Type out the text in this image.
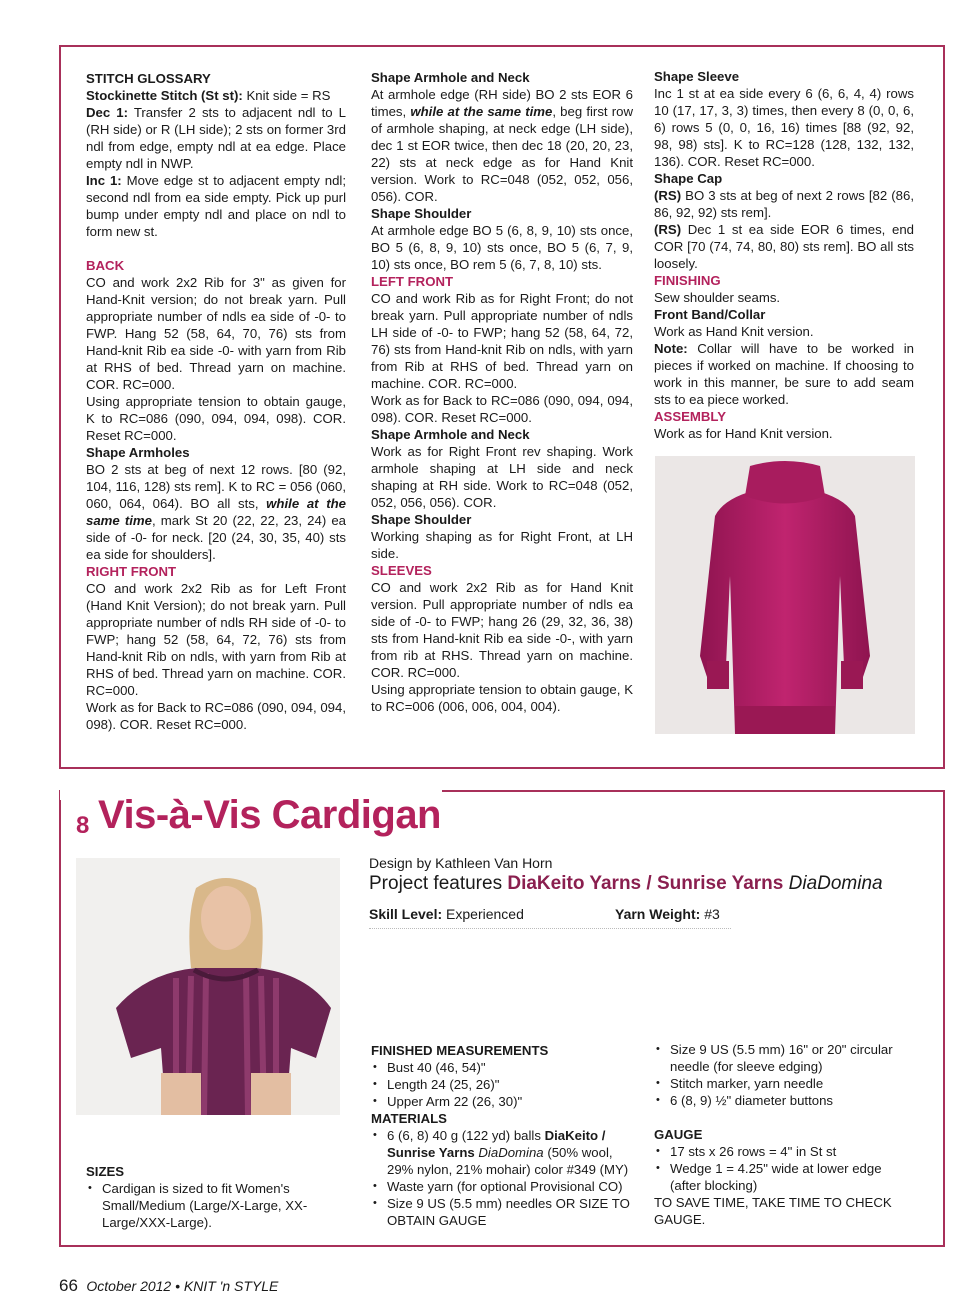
STITCH GLOSSARY

Stockinette Stitch (St st): Knit side = RS

Dec 1: Transfer 2 sts to adjacent ndl to L (RH side) or R (LH side); 2 sts on former 3rd ndl from edge, empty ndl at ea edge. Place empty ndl in NWP.

Inc 1: Move edge st to adjacent empty ndl; second ndl from ea side empty. Pick up purl bump under empty ndl and place on ndl to form new st.

BACK

CO and work 2x2 Rib for 3" as given for Hand-Knit version; do not break yarn. Pull appropriate number of ndls ea side of -0- to FWP. Hang 52 (58, 64, 70, 76) sts from Hand-knit Rib ea side -0- with yarn from Rib at RHS of bed. Thread yarn on machine. COR. RC=000.

Using appropriate tension to obtain gauge, K to RC=086 (090, 094, 094, 098). COR. Reset RC=000.

Shape Armholes

BO 2 sts at beg of next 12 rows. [80 (92, 104, 116, 128) sts rem]. K to RC = 056 (060, 060, 064, 064). BO all sts, while at the same time, mark St 20 (22, 22, 23, 24) ea side of -0- for neck. [20 (24, 30, 35, 40) sts ea side for shoulders].

RIGHT FRONT

CO and work 2x2 Rib as for Left Front (Hand Knit Version); do not break yarn. Pull appropriate number of ndls RH side of -0- to FWP; hang 52 (58, 64, 72, 76) sts from Hand-knit Rib on ndls, with yarn from Rib at RHS of bed. Thread yarn on machine. COR. RC=000.

Work as for Back to RC=086 (090, 094, 094, 098). COR. Reset RC=000.

Shape Armhole and Neck

At armhole edge (RH side) BO 2 sts EOR 6 times, while at the same time, beg first row of armhole shaping, at neck edge (LH side), dec 1 st EOR twice, then dec 18 (20, 20, 23, 22) sts at neck edge as for Hand Knit version. Work to RC=048 (052, 052, 056, 056). COR.

Shape Shoulder

At armhole edge BO 5 (6, 8, 9, 10) sts once, BO 5 (6, 8, 9, 10) sts once, BO 5 (6, 7, 9, 10) sts once, BO rem 5 (6, 7, 8, 10) sts.

LEFT FRONT

CO and work Rib as for Right Front; do not break yarn. Pull appropriate number of ndls LH side of -0- to FWP; hang 52 (58, 64, 72, 76) sts from Hand-knit Rib on ndls, with yarn from Rib at RHS of bed. Thread yarn on machine. COR. RC=000.

Work as for Back to RC=086 (090, 094, 094, 098). COR. Reset RC=000.

Shape Armhole and Neck

Work as for Right Front rev shaping. Work armhole shaping at LH side and neck shaping at RH side. Work to RC=048 (052, 052, 056, 056). COR.

Shape Shoulder

Working shaping as for Right Front, at LH side.

SLEEVES

CO and work 2x2 Rib as for Hand Knit version. Pull appropriate number of ndls ea side of -0- to FWP; hang 26 (29, 32, 36, 38) sts from Hand-knit Rib ea side -0-, with yarn from rib at RHS. Thread yarn on machine. COR. RC=000.

Using appropriate tension to obtain gauge, K to RC=006 (006, 006, 004, 004).

Shape Sleeve

Inc 1 st at ea side every 6 (6, 6, 4, 4) rows 10 (17, 17, 3, 3) times, then every 8 (0, 0, 6, 6) rows 5 (0, 0, 16, 16) times [88 (92, 92, 98, 98) sts]. K to RC=128 (128, 132, 132, 136). COR. Reset RC=000.

Shape Cap

(RS) BO 3 sts at beg of next 2 rows [82 (86, 86, 92, 92) sts rem].

(RS) Dec 1 st ea side EOR 6 times, end COR [70 (74, 74, 80, 80) sts rem]. BO all sts loosely.

FINISHING

Sew shoulder seams.

Front Band/Collar

Work as Hand Knit version.

Note: Collar will have to be worked in pieces if worked on machine. If choosing to work in this manner, be sure to add seam sts to ea piece worked.

ASSEMBLY

Work as for Hand Knit version.

8 Vis-à-Vis Cardigan
Design by Kathleen Van Horn
Project features DiaKeito Yarns / Sunrise Yarns DiaDomina
Skill Level: Experienced	Yarn Weight: #3

SIZES

• Cardigan is sized to fit Women's Small/Medium (Large/X-Large, XX-Large/XXX-Large).

FINISHED MEASUREMENTS

• Bust 40 (46, 54)"
• Length 24 (25, 26)"
• Upper Arm 22 (26, 30)"

MATERIALS

• 6 (6, 8) 40 g (122 yd) balls DiaKeito / Sunrise Yarns DiaDomina (50% wool, 29% nylon, 21% mohair) color #349 (MY)
• Waste yarn (for optional Provisional CO)
• Size 9 US (5.5 mm) needles OR SIZE TO OBTAIN GAUGE
• Size 9 US (5.5 mm) 16" or 20" circular needle (for sleeve edging)
• Stitch marker, yarn needle
• 6 (8, 9) ½" diameter buttons

GAUGE

• 17 sts x 26 rows = 4" in St st
• Wedge 1 = 4.25" wide at lower edge (after blocking)

TO SAVE TIME, TAKE TIME TO CHECK GAUGE.

66 October 2012 • KNIT 'n STYLE
